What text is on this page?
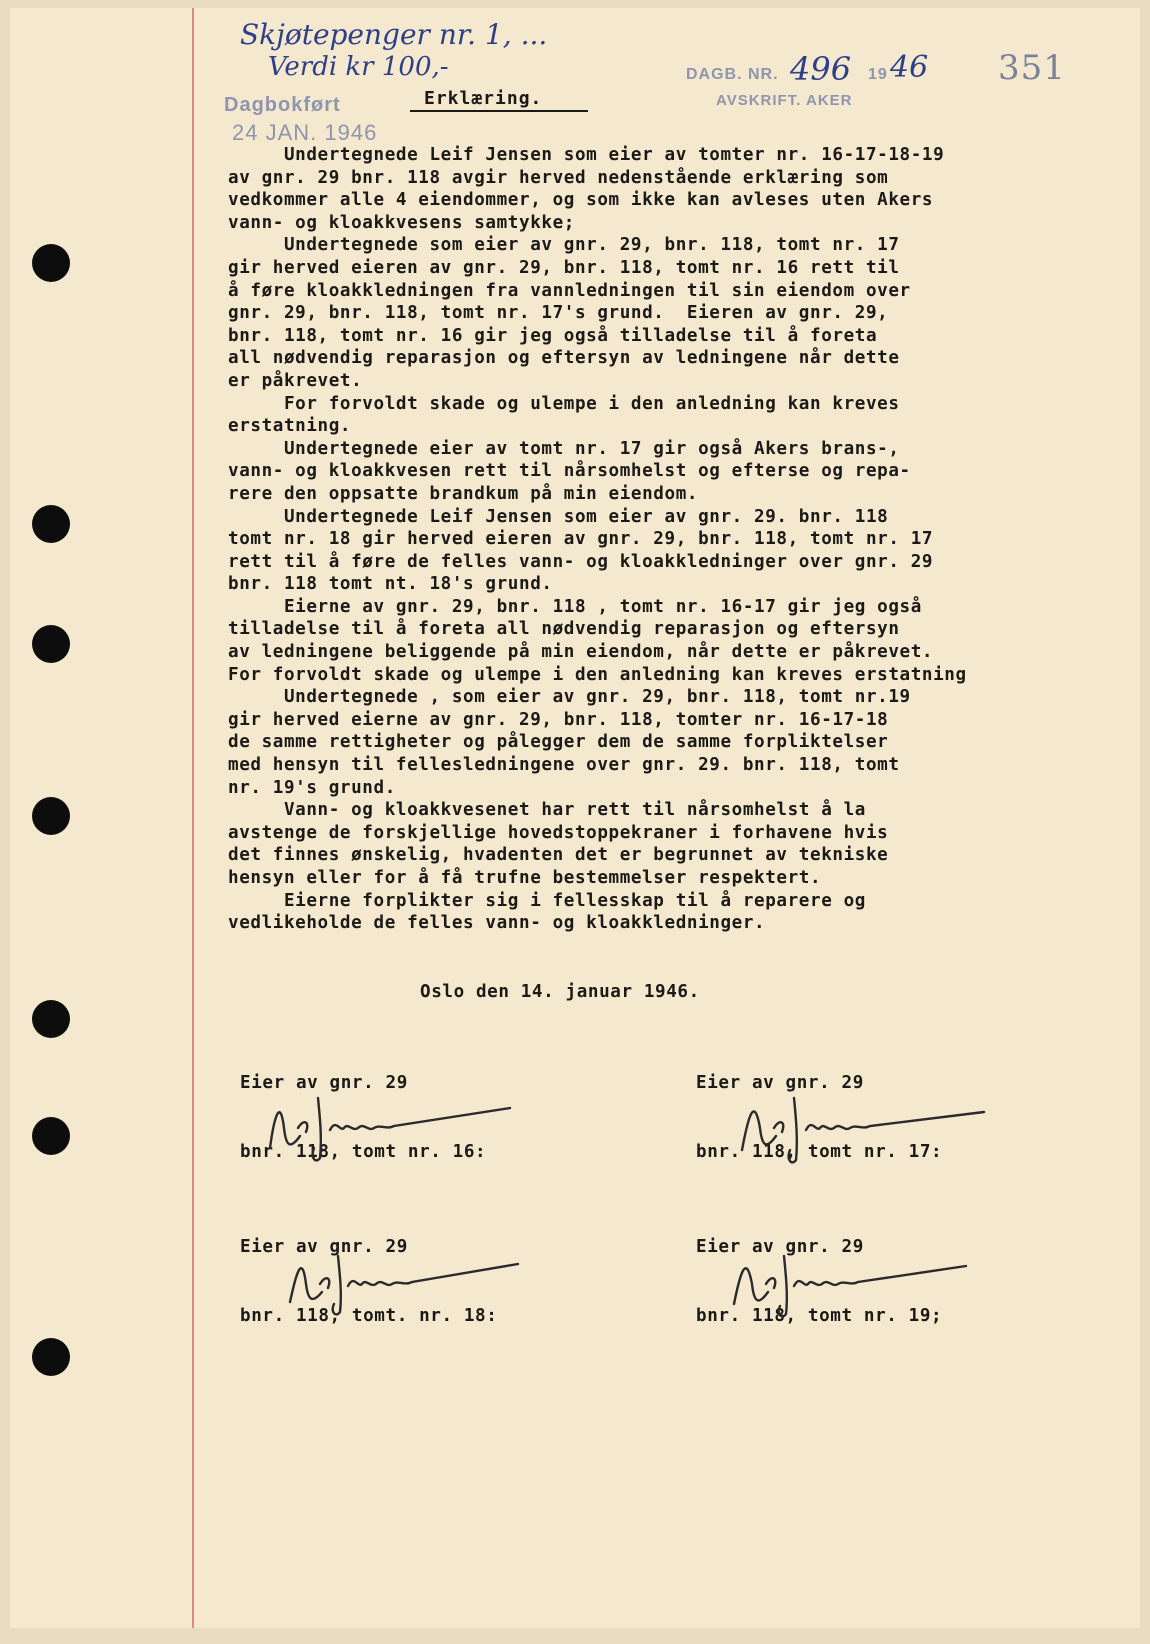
Skjøtepenger nr. 1, ...
Verdi kr 100,-
Dagbokført
24 JAN. 1946
DAGB. NR. 496 19 46
AVSKRIFT. AKER
351
Erklæring.
Undertegnede Leif Jensen som eier av tomter nr. 16-17-18-19
av gnr. 29 bnr. 118 avgir herved nedenstående erklæring som
vedkommer alle 4 eiendommer, og som ikke kan avleses uten Akers
vann- og kloakkvesens samtykke;
Undertegnede som eier av gnr. 29, bnr. 118, tomt nr. 17
gir herved eieren av gnr. 29, bnr. 118, tomt nr. 16 rett til
å føre kloakkledningen fra vannledningen til sin eiendom over
gnr. 29, bnr. 118, tomt nr. 17's grund.  Eieren av gnr. 29,
bnr. 118, tomt nr. 16 gir jeg også tilladelse til å foreta
all nødvendig reparasjon og eftersyn av ledningene når dette
er påkrevet.
For forvoldt skade og ulempe i den anledning kan kreves
erstatning.
Undertegnede eier av tomt nr. 17 gir også Akers brans-,
vann- og kloakkvesen rett til nårsomhelst og efterse og repa-
rere den oppsatte brandkum på min eiendom.
Undertegnede Leif Jensen som eier av gnr. 29. bnr. 118
tomt nr. 18 gir herved eieren av gnr. 29, bnr. 118, tomt nr. 17
rett til å føre de felles vann- og kloakkledninger over gnr. 29
bnr. 118 tomt nt. 18's grund.
Eierne av gnr. 29, bnr. 118 , tomt nr. 16-17 gir jeg også
tilladelse til å foreta all nødvendig reparasjon og eftersyn
av ledningene beliggende på min eiendom, når dette er påkrevet.
For forvoldt skade og ulempe i den anledning kan kreves erstatning
Undertegnede , som eier av gnr. 29, bnr. 118, tomt nr.19
gir herved eierne av gnr. 29, bnr. 118, tomter nr. 16-17-18
de samme rettigheter og pålegger dem de samme forpliktelser
med hensyn til fellesledningene over gnr. 29. bnr. 118, tomt
nr. 19's grund.
Vann- og kloakkvesenet har rett til nårsomhelst å la
avstenge de forskjellige hovedstoppekraner i forhavene hvis
det finnes ønskelig, hvadenten det er begrunnet av tekniske
hensyn eller for å få trufne bestemmelser respektert.
Eierne forplikter sig i fellesskap til å reparere og
vedlikeholde de felles vann- og kloakkledninger.
Oslo den 14. januar 1946.

Eier av gnr. 29

bnr. 118, tomt nr. 16:

Eier av gnr. 29

bnr. 118, tomt nr. 17:

Eier av gnr. 29

bnr. 118, tomt. nr. 18:

Eier av gnr. 29

bnr. 118, tomt nr. 19;
